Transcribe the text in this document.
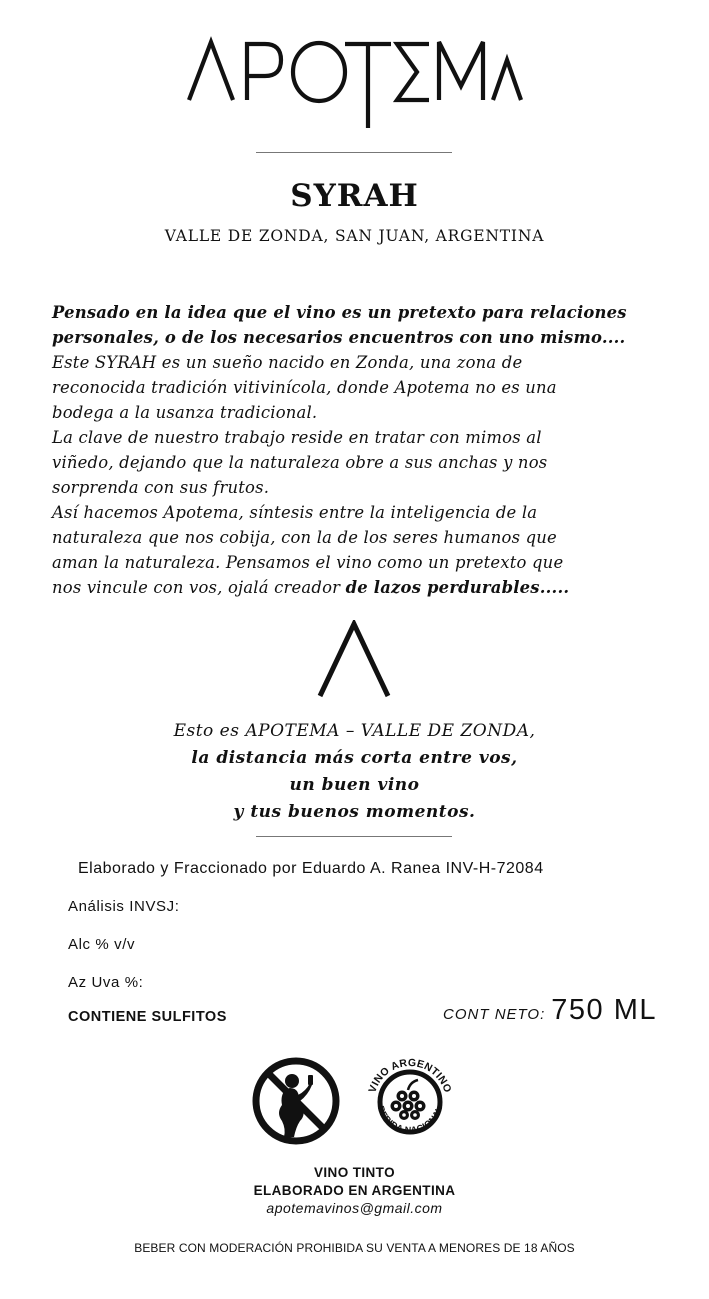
SYRAH
VALLE DE ZONDA, SAN JUAN, ARGENTINA
Pensado en la idea que el vino es un pretexto para relaciones
personales, o de los necesarios encuentros con uno mismo....
Este SYRAH es un sueño nacido en Zonda, una zona de
reconocida tradición vitivinícola, donde Apotema no es una
bodega a la usanza tradicional.
La clave de nuestro trabajo reside en tratar con mimos al
viñedo, dejando que la naturaleza obre a sus anchas y nos
sorprenda con sus frutos.
Así hacemos Apotema, síntesis entre la inteligencia de la
naturaleza que nos cobija, con la de los seres humanos que
aman la naturaleza. Pensamos el vino como un pretexto que
nos vincule con vos, ojalá creador de lazos perdurables.....
Esto es APOTEMA – VALLE DE ZONDA,
la distancia más corta entre vos,
un buen vino
y tus buenos momentos.
Elaborado y Fraccionado por Eduardo A. Ranea INV-H-72084
Análisis INVSJ:
Alc % v/v
Az Uva %:
CONTIENE SULFITOS	CONT NETO: 750 ML
VINO ARGENTINO
BEBIDA NACIONAL
VINO TINTO
ELABORADO EN ARGENTINA
apotemavinos@gmail.com
BEBER CON MODERACIÓN PROHIBIDA SU VENTA A MENORES DE 18 AÑOS
